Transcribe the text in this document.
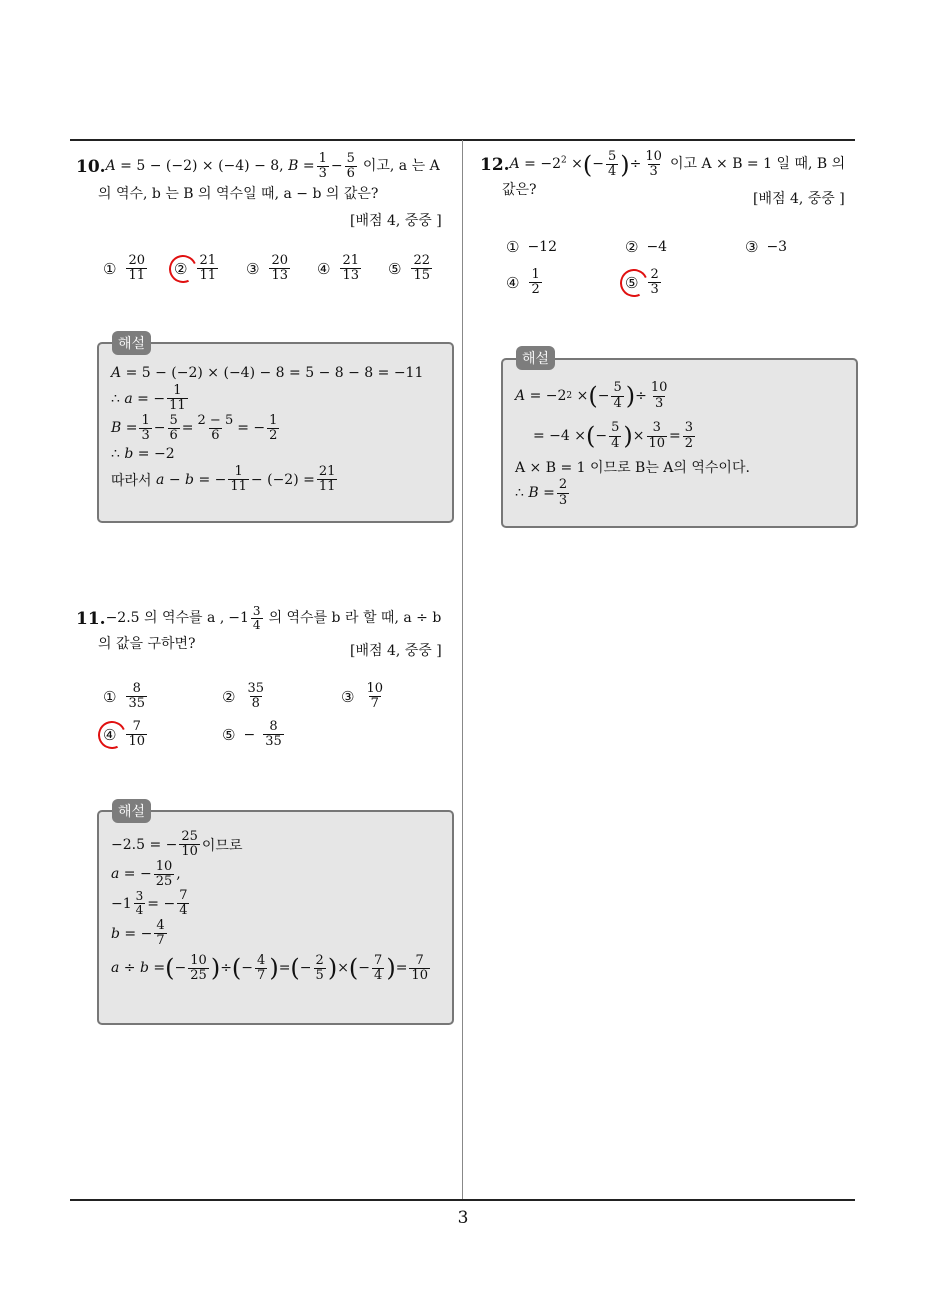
10. A = 5 − (−2) × (−4) − 8, $B = \frac{1}{3} - \frac{5}{6}$ 이고, a 는 A
의 역수, b 는 B 의 역수일 때, a − b 의 값은?
[배점 4, 중중 ]
① $\frac{20}{11}$ ② $\frac{21}{11}$ ③ $\frac{20}{13}$ ④ $\frac{21}{13}$ ⑤ $\frac{22}{15}$
해설
A = 5 − (−2) × (−4) − 8 = 5 − 8 − 8 = −11
∴ a = − $\frac{1}{11}$
$B = \frac{1}{3} - \frac{5}{6} = \frac{2 - 5}{6}$ = − $\frac{1}{2}$
∴ b = −2
따라서
a − b = − $\frac{1}{11} - (-2) = \frac{21}{11}$
11. −2.5 의 역수를 a , $-1 \frac{3}{4}$ 의 역수를 b 라 할 때, a ÷ b
의 값을 구하면?	[배점 4, 중중 ]
① $\frac{8}{35}$	② $\frac{35}{8}$	③ $\frac{10}{7}$
④ $\frac{7}{10}$	⑤ − $\frac{8}{35}$
해설
−2.5 = − $\frac{25}{10}$ 이므로
a = − $\frac{10}{25}$ ,
$-1 \frac{3}{4}$ = − $\frac{7}{4}$
b = − $\frac{4}{7}$
a ÷ b = ( − $\frac{10}{25}$ ) ÷ ( − $\frac{4}{7}$ ) = ( − $\frac{2}{5}$ ) × ( − $\frac{7}{4}$ ) = $\frac{7}{10}$
12. $A = -2^2$ × ( − $\frac{5}{4}$ ) ÷ $\frac{10}{3}$ 이고 A × B = 1 일 때, B 의
값은?
[배점 4, 중중 ]
① −12	② −4	③ −3
④ $\frac{1}{2}$	⑤ $\frac{2}{3}$
해설
A = −2 2 × ( − $\frac{5}{4}$ ) ÷ $\frac{10}{3}$
= −4 × ( − $\frac{5}{4}$ ) × $\frac{3}{10} = \frac{3}{2}$
A × B = 1 이므로 B는 A의 역수이다.
∴ $B = \frac{2}{3}$
3
